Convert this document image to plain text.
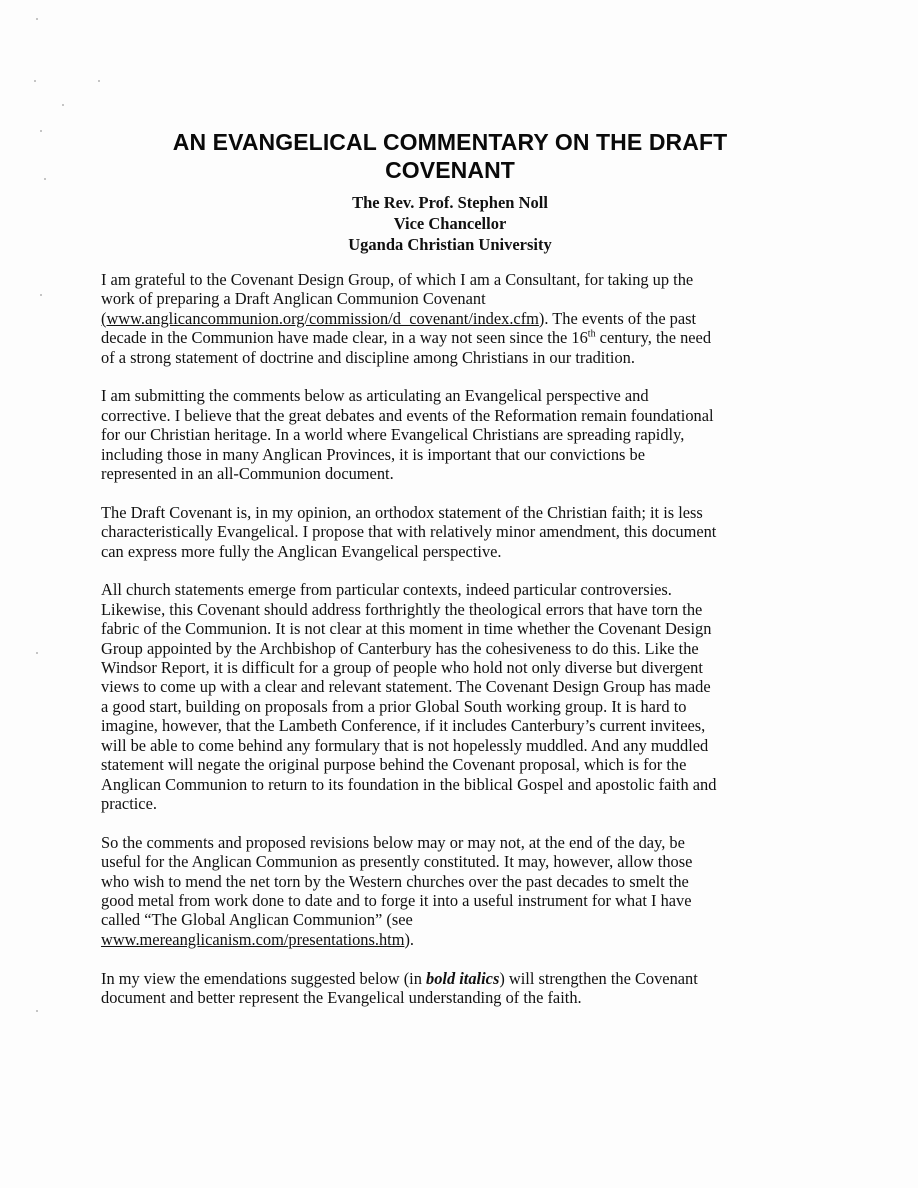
AN EVANGELICAL COMMENTARY ON THE DRAFT
COVENANT
The Rev. Prof. Stephen Noll
Vice Chancellor
Uganda Christian University

I am grateful to the Covenant Design Group, of which I am a Consultant, for taking up the
work of preparing a Draft Anglican Communion Covenant
(www.anglicancommunion.org/commission/d_covenant/index.cfm). The events of the past
decade in the Communion have made clear, in a way not seen since the 16th century, the need
of a strong statement of doctrine and discipline among Christians in our tradition.

I am submitting the comments below as articulating an Evangelical perspective and
corrective. I believe that the great debates and events of the Reformation remain foundational
for our Christian heritage. In a world where Evangelical Christians are spreading rapidly,
including those in many Anglican Provinces, it is important that our convictions be
represented in an all-Communion document.

The Draft Covenant is, in my opinion, an orthodox statement of the Christian faith; it is less
characteristically Evangelical. I propose that with relatively minor amendment, this document
can express more fully the Anglican Evangelical perspective.

All church statements emerge from particular contexts, indeed particular controversies.
Likewise, this Covenant should address forthrightly the theological errors that have torn the
fabric of the Communion. It is not clear at this moment in time whether the Covenant Design
Group appointed by the Archbishop of Canterbury has the cohesiveness to do this. Like the
Windsor Report, it is difficult for a group of people who hold not only diverse but divergent
views to come up with a clear and relevant statement. The Covenant Design Group has made
a good start, building on proposals from a prior Global South working group. It is hard to
imagine, however, that the Lambeth Conference, if it includes Canterbury’s current invitees,
will be able to come behind any formulary that is not hopelessly muddled. And any muddled
statement will negate the original purpose behind the Covenant proposal, which is for the
Anglican Communion to return to its foundation in the biblical Gospel and apostolic faith and
practice.

So the comments and proposed revisions below may or may not, at the end of the day, be
useful for the Anglican Communion as presently constituted. It may, however, allow those
who wish to mend the net torn by the Western churches over the past decades to smelt the
good metal from work done to date and to forge it into a useful instrument for what I have
called “The Global Anglican Communion” (see
www.mereanglicanism.com/presentations.htm).

In my view the emendations suggested below (in bold italics) will strengthen the Covenant
document and better represent the Evangelical understanding of the faith.
